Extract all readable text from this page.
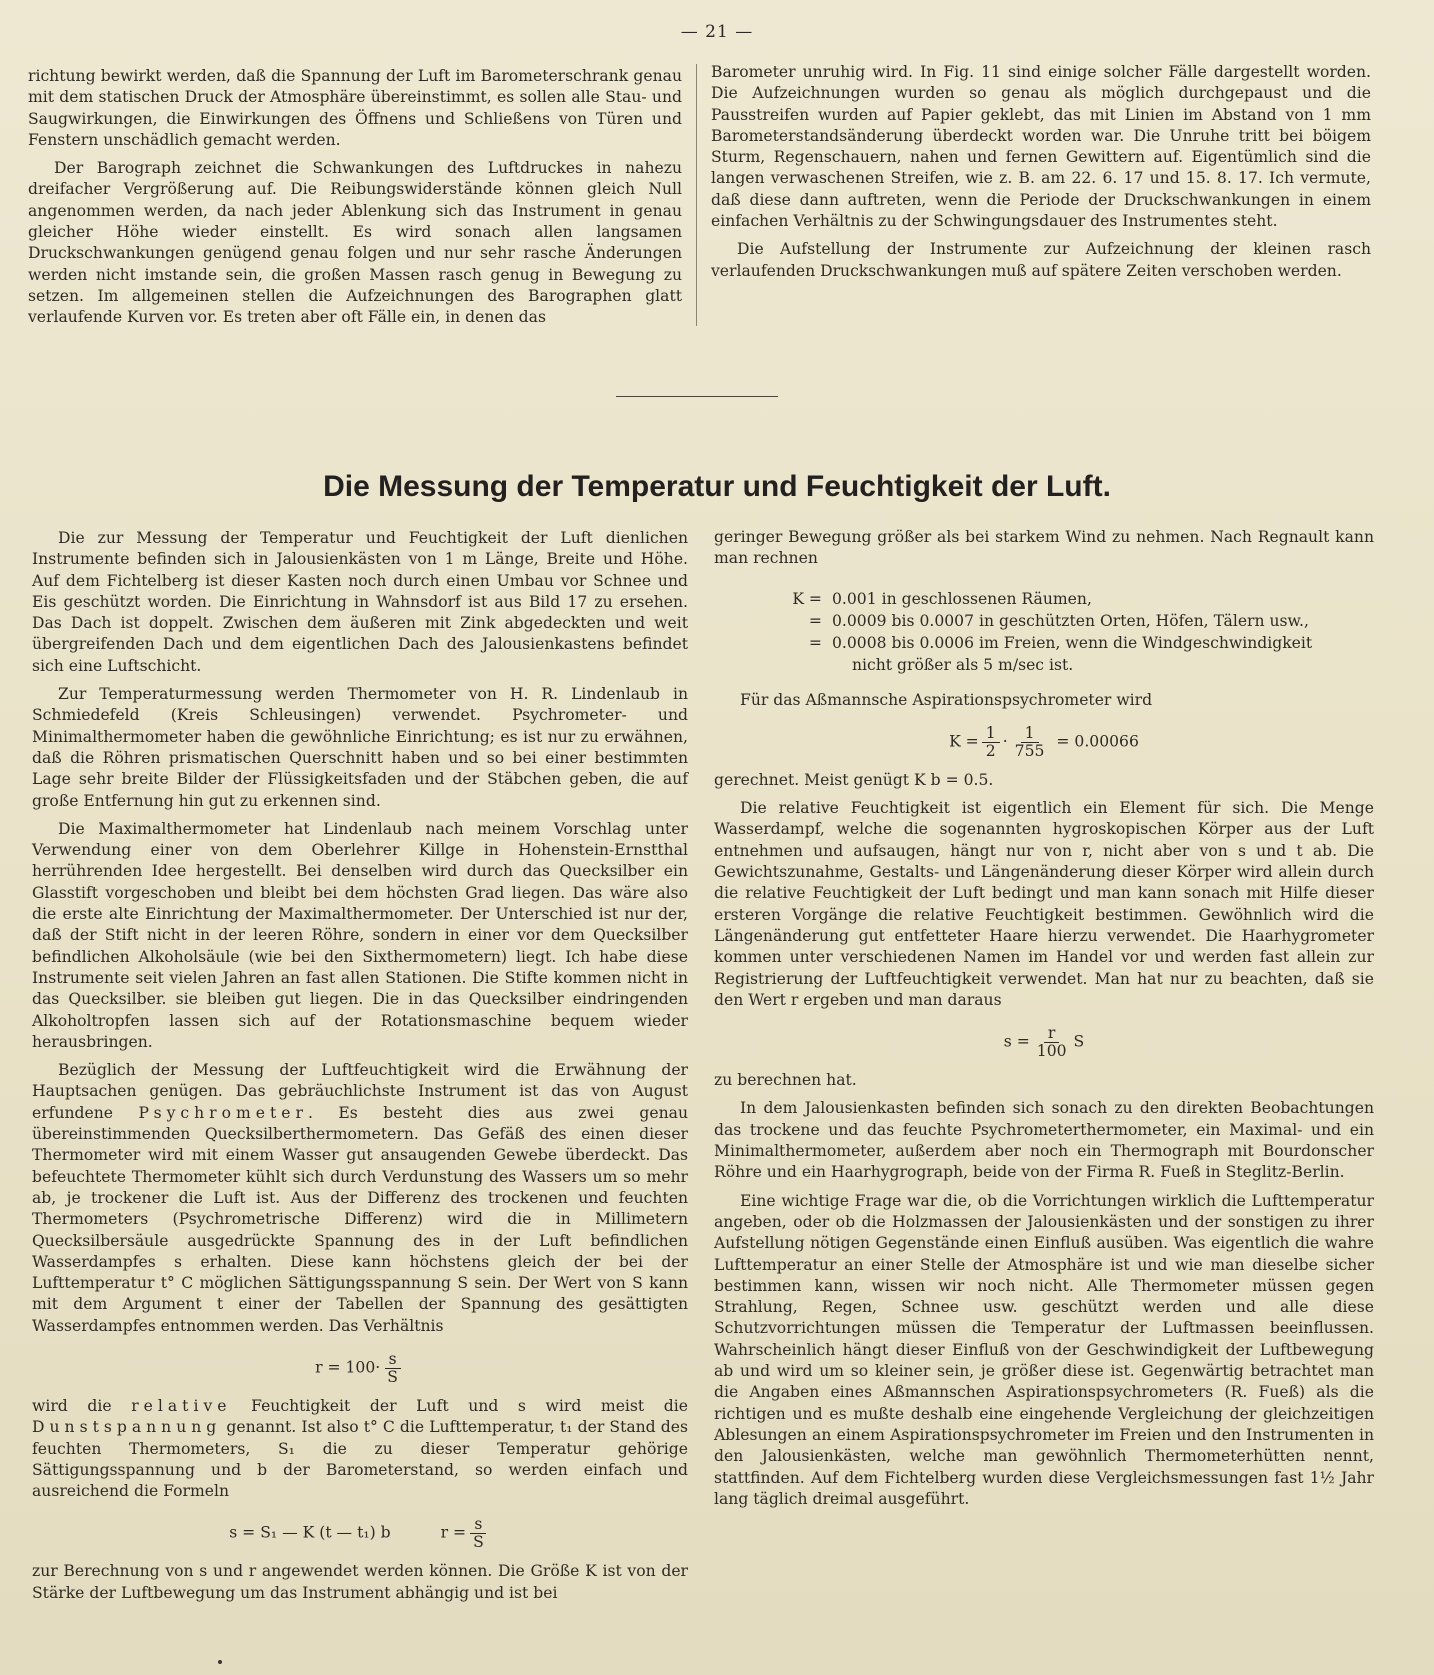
— 21 —

richtung bewirkt werden, daß die Spannung der Luft im Barometerschrank genau mit dem statischen Druck der Atmosphäre übereinstimmt, es sollen alle Stau- und Saugwirkungen, die Einwirkungen des Öffnens und Schließens von Türen und Fenstern unschädlich gemacht werden.

Der Barograph zeichnet die Schwankungen des Luftdruckes in nahezu dreifacher Vergrößerung auf. Die Reibungswiderstände können gleich Null angenommen werden, da nach jeder Ablenkung sich das Instrument in genau gleicher Höhe wieder einstellt. Es wird sonach allen langsamen Druckschwankungen genügend genau folgen und nur sehr rasche Änderungen werden nicht imstande sein, die großen Massen rasch genug in Bewegung zu setzen. Im allgemeinen stellen die Aufzeichnungen des Barographen glatt verlaufende Kurven vor. Es treten aber oft Fälle ein, in denen das

Barometer unruhig wird. In Fig. 11 sind einige solcher Fälle dargestellt worden. Die Aufzeichnungen wurden so genau als möglich durchgepaust und die Pausstreifen wurden auf Papier geklebt, das mit Linien im Abstand von 1 mm Barometerstandsänderung überdeckt worden war. Die Unruhe tritt bei böigem Sturm, Regenschauern, nahen und fernen Gewittern auf. Eigentümlich sind die langen verwaschenen Streifen, wie z. B. am 22. 6. 17 und 15. 8. 17. Ich vermute, daß diese dann auftreten, wenn die Periode der Druckschwankungen in einem einfachen Verhältnis zu der Schwingungsdauer des Instrumentes steht.

Die Aufstellung der Instrumente zur Aufzeichnung der kleinen rasch verlaufenden Druckschwankungen muß auf spätere Zeiten verschoben werden.

Die Messung der Temperatur und Feuchtigkeit der Luft.

Die zur Messung der Temperatur und Feuchtigkeit der Luft dienlichen Instrumente befinden sich in Jalousienkästen von 1 m Länge, Breite und Höhe. Auf dem Fichtelberg ist dieser Kasten noch durch einen Umbau vor Schnee und Eis geschützt worden. Die Einrichtung in Wahnsdorf ist aus Bild 17 zu ersehen. Das Dach ist doppelt. Zwischen dem äußeren mit Zink abgedeckten und weit übergreifenden Dach und dem eigentlichen Dach des Jalousienkastens befindet sich eine Luftschicht.

Zur Temperaturmessung werden Thermometer von H. R. Lindenlaub in Schmiedefeld (Kreis Schleusingen) verwendet. Psychrometer- und Minimalthermometer haben die gewöhnliche Einrichtung; es ist nur zu erwähnen, daß die Röhren prismatischen Querschnitt haben und so bei einer bestimmten Lage sehr breite Bilder der Flüssigkeitsfaden und der Stäbchen geben, die auf große Entfernung hin gut zu erkennen sind.

Die Maximalthermometer hat Lindenlaub nach meinem Vorschlag unter Verwendung einer von dem Oberlehrer Killge in Hohenstein-Ernstthal herrührenden Idee hergestellt. Bei denselben wird durch das Quecksilber ein Glasstift vorgeschoben und bleibt bei dem höchsten Grad liegen. Das wäre also die erste alte Einrichtung der Maximalthermometer. Der Unterschied ist nur der, daß der Stift nicht in der leeren Röhre, sondern in einer vor dem Quecksilber befindlichen Alkoholsäule (wie bei den Sixthermometern) liegt. Ich habe diese Instrumente seit vielen Jahren an fast allen Stationen. Die Stifte kommen nicht in das Quecksilber. sie bleiben gut liegen. Die in das Quecksilber eindringenden Alkoholtropfen lassen sich auf der Rotationsmaschine bequem wieder herausbringen.

Bezüglich der Messung der Luftfeuchtigkeit wird die Erwähnung der Hauptsachen genügen. Das gebräuchlichste Instrument ist das von August erfundene Psychrometer. Es besteht dies aus zwei genau übereinstimmenden Quecksilberthermometern. Das Gefäß des einen dieser Thermometer wird mit einem Wasser gut ansaugenden Gewebe überdeckt. Das befeuchtete Thermometer kühlt sich durch Verdunstung des Wassers um so mehr ab, je trockener die Luft ist. Aus der Differenz des trockenen und feuchten Thermometers (Psychrometrische Differenz) wird die in Millimetern Quecksilbersäule ausgedrückte Spannung des in der Luft befindlichen Wasserdampfes s erhalten. Diese kann höchstens gleich der bei der Lufttemperatur t° C möglichen Sättigungsspannung S sein. Der Wert von S kann mit dem Argument t einer der Tabellen der Spannung des gesättigten Wasserdampfes entnommen werden. Das Verhältnis

$r = 100\cdot \frac{s}{S}$

wird die relative Feuchtigkeit der Luft und s wird meist die Dunstspannung genannt. Ist also t° C die Lufttemperatur, t₁ der Stand des feuchten Thermometers, S₁ die zu dieser Temperatur gehörige Sättigungsspannung und b der Barometerstand, so werden einfach und ausreichend die Formeln

s = S₁ — K (t — t₁) b	$r = \frac{s}{S}$

zur Berechnung von s und r angewendet werden können. Die Größe K ist von der Stärke der Luftbewegung um das Instrument abhängig und ist bei

geringer Bewegung größer als bei starkem Wind zu nehmen. Nach Regnault kann man rechnen

K = 0.001 in geschlossenen Räumen,
= 0.0009 bis 0.0007 in geschützten Orten, Höfen, Tälern usw.,
= 0.0008 bis 0.0006 im Freien, wenn die Windgeschwindigkeit
nicht größer als 5 m/sec ist.

Für das Aßmannsche Aspirationspsychrometer wird

$K = \frac{1}{2} \cdot \frac{1}{755} = 0.00066$

gerechnet. Meist genügt K b = 0.5.

Die relative Feuchtigkeit ist eigentlich ein Element für sich. Die Menge Wasserdampf, welche die sogenannten hygroskopischen Körper aus der Luft entnehmen und aufsaugen, hängt nur von r, nicht aber von s und t ab. Die Gewichtszunahme, Gestalts- und Längenänderung dieser Körper wird allein durch die relative Feuchtigkeit der Luft bedingt und man kann sonach mit Hilfe dieser ersteren Vorgänge die relative Feuchtigkeit bestimmen. Gewöhnlich wird die Längenänderung gut entfetteter Haare hierzu verwendet. Die Haarhygrometer kommen unter verschiedenen Namen im Handel vor und werden fast allein zur Registrierung der Luftfeuchtigkeit verwendet. Man hat nur zu beachten, daß sie den Wert r ergeben und man daraus

$s = \frac{r}{100}$ S

zu berechnen hat.

In dem Jalousienkasten befinden sich sonach zu den direkten Beobachtungen das trockene und das feuchte Psychrometerthermometer, ein Maximal- und ein Minimalthermometer, außerdem aber noch ein Thermograph mit Bourdonscher Röhre und ein Haarhygrograph, beide von der Firma R. Fueß in Steglitz-Berlin.

Eine wichtige Frage war die, ob die Vorrichtungen wirklich die Lufttemperatur angeben, oder ob die Holzmassen der Jalousienkästen und der sonstigen zu ihrer Aufstellung nötigen Gegenstände einen Einfluß ausüben. Was eigentlich die wahre Lufttemperatur an einer Stelle der Atmosphäre ist und wie man dieselbe sicher bestimmen kann, wissen wir noch nicht. Alle Thermometer müssen gegen Strahlung, Regen, Schnee usw. geschützt werden und alle diese Schutzvorrichtungen müssen die Temperatur der Luftmassen beeinflussen. Wahrscheinlich hängt dieser Einfluß von der Geschwindigkeit der Luftbewegung ab und wird um so kleiner sein, je größer diese ist. Gegenwärtig betrachtet man die Angaben eines Aßmannschen Aspirationspsychrometers (R. Fueß) als die richtigen und es mußte deshalb eine eingehende Vergleichung der gleichzeitigen Ablesungen an einem Aspirationspsychrometer im Freien und den Instrumenten in den Jalousienkästen, welche man gewöhnlich Thermometerhütten nennt, stattfinden. Auf dem Fichtelberg wurden diese Vergleichsmessungen fast 1½ Jahr lang täglich dreimal ausgeführt.
